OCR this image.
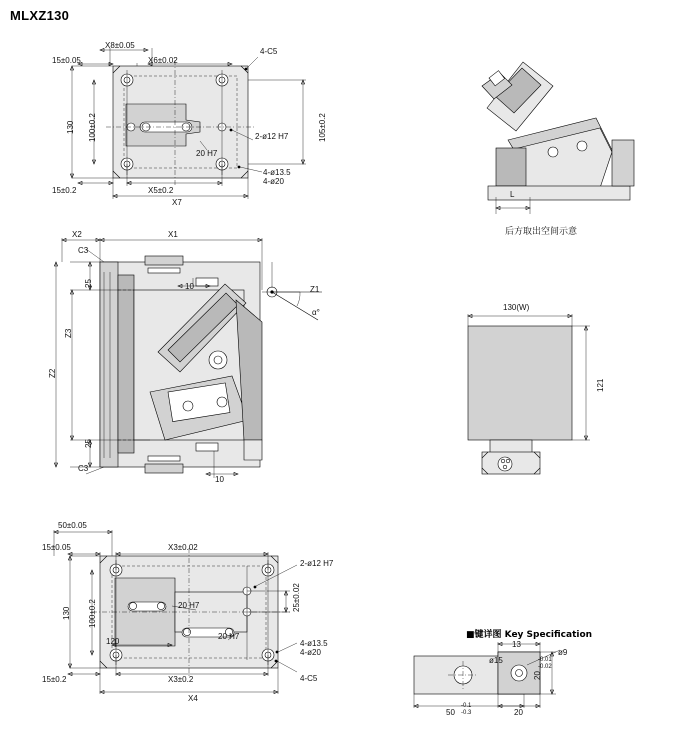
MLXZ130
X8±0.05
X6±0.02
4-C5
15±0.05
130 100±0.2	105±0.2
2-ø12 H7
20 H7
15±0.2	X5±0.2
4-ø13.5
4-ø20
X7
X2	X1
C3
25	10	Z1
α°
Z3
Z2
25
C3
10
50±0.05
15±0.05	X3±0.02
2-ø12 H7
20 H7
130 100±0.2
120
25±0.02
20 H7
4-ø13.5
4-ø20
15±0.2	X3±0.2	4-C5
X4
L
后方取出空间示意
130(W)
121
■键详图 Key Specification
13
ø9
ø15
20
-0.01
-0.02
50
-0.1
-0.3	20
